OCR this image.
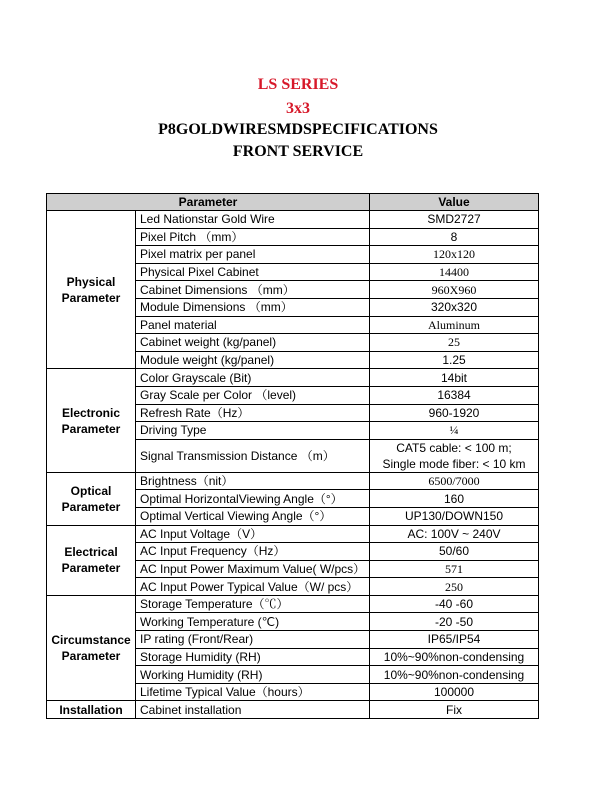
LS SERIES
3x3
P8GOLDWIRESMDSPECIFICATIONS
FRONT SERVICE
Parameter		Value
Physical Parameter	Led Nationstar Gold Wire	SMD2727
	Pixel Pitch （mm）	8
	Pixel matrix per panel	120x120
	Physical Pixel Cabinet	14400
	Cabinet Dimensions （mm）	960X960
	Module Dimensions （mm）	320x320
	Panel material	Aluminum
	Cabinet weight (kg/panel)	25
	Module weight (kg/panel)	1.25
Electronic Parameter	Color Grayscale (Bit)	14bit
	Gray Scale per Color （level)	16384
	Refresh Rate（Hz）	960-1920
	Driving Type	¼
	Signal Transmission Distance （m）	CAT5 cable: < 100 m;
Single mode fiber: < 10 km

Optical Parameter	Brightness（nit）	6500/7000
	Optimal HorizontalViewing Angle（°）	160
	Optimal Vertical Viewing Angle（°）	UP130/DOWN150
Electrical Parameter	AC Input Voltage（V）	AC: 100V ~ 240V
	AC Input Frequency（Hz）	50/60
	AC Input Power Maximum Value( W/pcs）	571
	AC Input Power Typical Value（W/ pcs）	250
Circumstance Parameter	Storage Temperature（℃）	-40 -60
	Working Temperature (℃)	-20 -50
	IP rating (Front/Rear)	IP65/IP54
	Storage Humidity (RH)	10%~90%non-condensing
	Working Humidity (RH)	10%~90%non-condensing
	Lifetime Typical Value（hours）	100000
Installation	Cabinet installation	Fix
